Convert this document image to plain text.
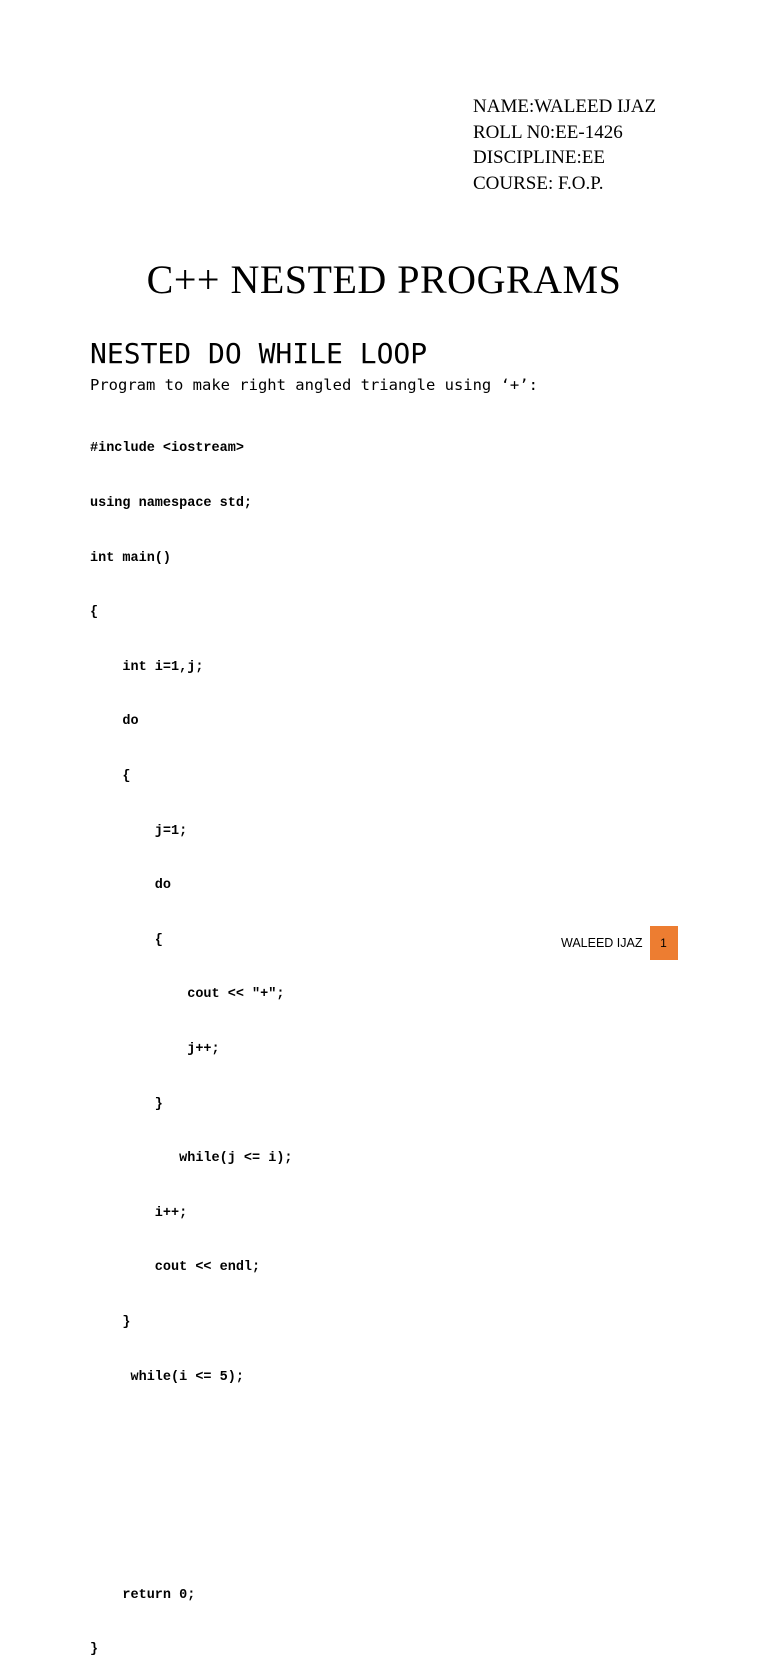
NAME:WALEED IJAZ
ROLL N0:EE-1426
DISCIPLINE:EE
COURSE: F.O.P.
C++ NESTED PROGRAMS
NESTED DO WHILE LOOP

Program to make right angled triangle using ‘+’:

#include <iostream>

using namespace std;

int main()

{

int i=1,j;

do

{

j=1;

do

{

cout << "+";

j++;

}

while(j <= i);

i++;

cout << endl;

}

while(i <= 5);

return 0;

}

WALEED IJAZ	1
